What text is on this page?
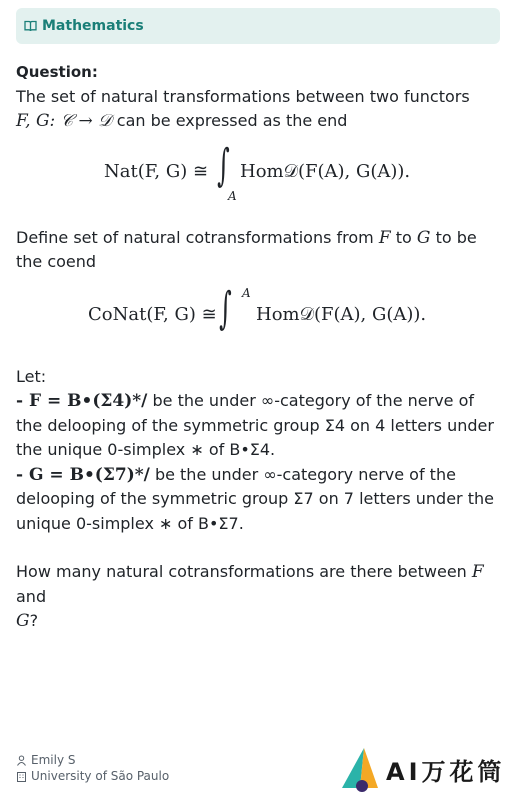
Mathematics

Question:

The set of natural transformations between two functors
F, G: 𝒞 → 𝒟 can be expressed as the end

Nat(F, G) ≅ ∫
A
Hom𝒟(F(A), G(A)).

Define set of natural cotransformations from F to G to be the coend

CoNat(F, G) ≅ ∫ A
Hom𝒟(F(A), G(A)).

Let:

- F = B•(Σ4)*/ be the under ∞-category of the nerve of the delooping of the symmetric group Σ4 on 4 letters under the unique 0-simplex ∗ of B•Σ4.

- G = B•(Σ7)*/ be the under ∞-category nerve of the delooping of the symmetric group Σ7 on 7 letters under the unique 0-simplex ∗ of B•Σ7.

How many natural cotransformations are there between F and
G?

Emily S
University of São Paulo	AI万花筒
